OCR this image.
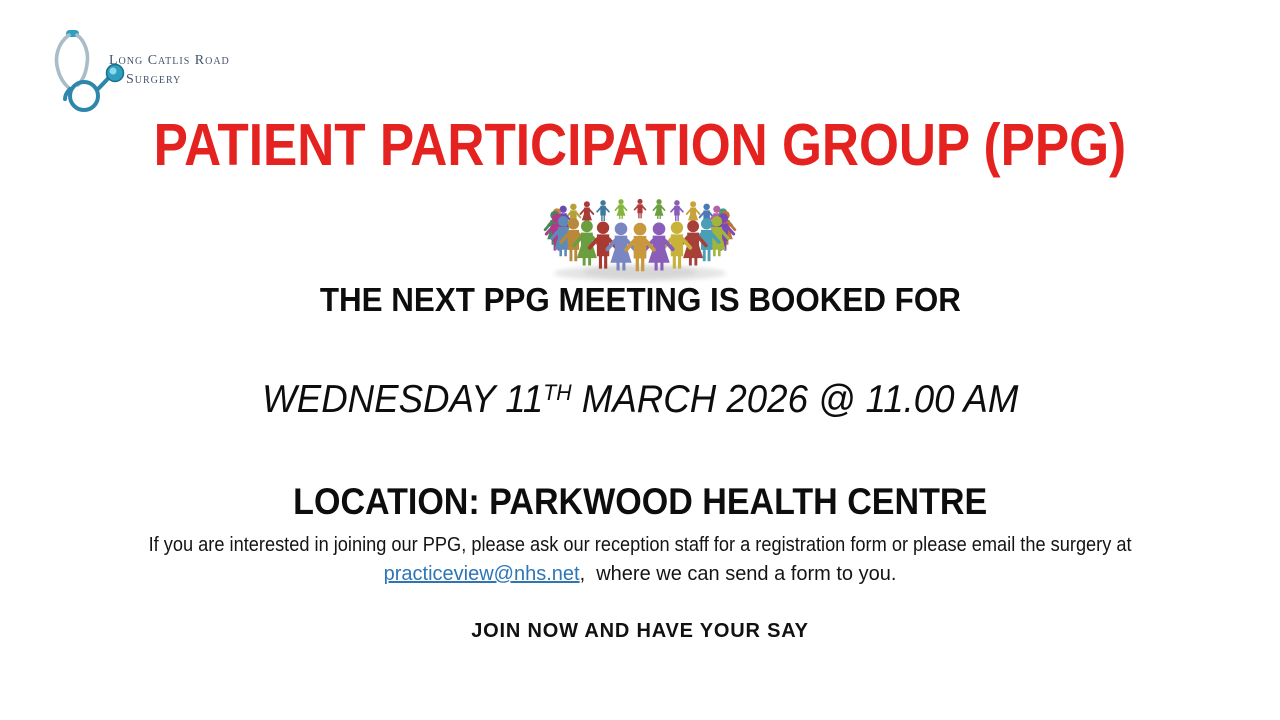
Long Catlis Road
Surgery
PATIENT PARTICIPATION GROUP (PPG)
THE NEXT PPG MEETING IS BOOKED FOR
WEDNESDAY 11TH MARCH 2026 @ 11.00 AM
LOCATION: PARKWOOD HEALTH CENTRE
If you are interested in joining our PPG, please ask our reception staff for a registration form or please email the surgery at
practiceview@nhs.net,  where we can send a form to you.
JOIN NOW AND HAVE YOUR SAY
